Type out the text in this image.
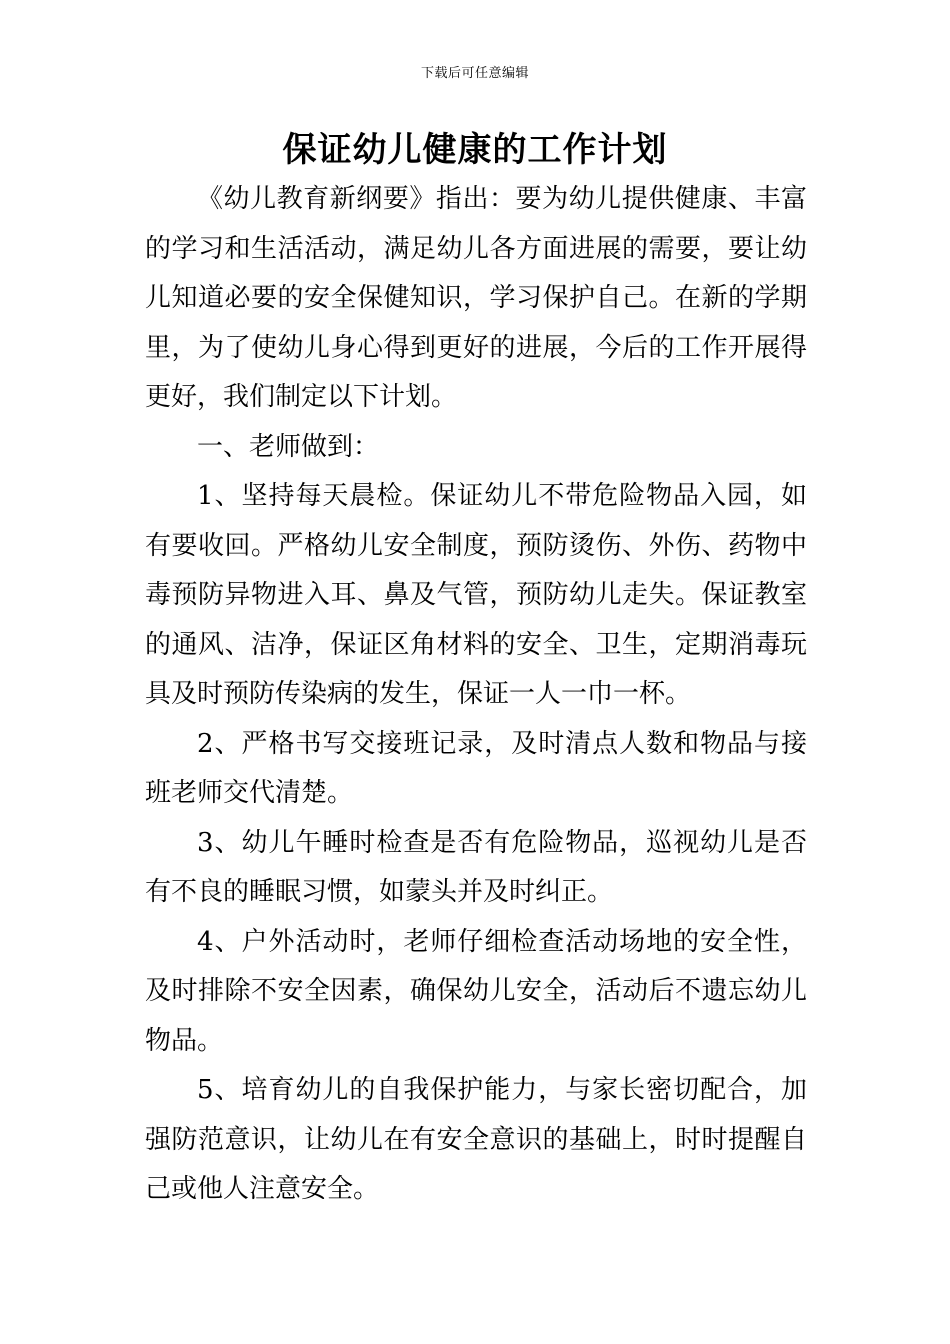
下载后可任意编辑
保证幼儿健康的工作计划

《幼儿教育新纲要》指出：要为幼儿提供健康、丰富的学习和生活活动，满足幼儿各方面进展的需要，要让幼儿知道必要的安全保健知识，学习保护自己。在新的学期里，为了使幼儿身心得到更好的进展，今后的工作开展得更好，我们制定以下计划。

一、老师做到：

1、坚持每天晨检。保证幼儿不带危险物品入园，如有要收回。严格幼儿安全制度，预防烫伤、外伤、药物中毒预防异物进入耳、鼻及气管，预防幼儿走失。保证教室的通风、洁净，保证区角材料的安全、卫生，定期消毒玩具及时预防传染病的发生，保证一人一巾一杯。

2、严格书写交接班记录，及时清点人数和物品与接班老师交代清楚。

3、幼儿午睡时检查是否有危险物品，巡视幼儿是否有不良的睡眠习惯，如蒙头并及时纠正。

4、户外活动时，老师仔细检查活动场地的安全性，及时排除不安全因素，确保幼儿安全，活动后不遗忘幼儿物品。

5、培育幼儿的自我保护能力，与家长密切配合，加强防范意识，让幼儿在有安全意识的基础上，时时提醒自己或他人注意安全。
